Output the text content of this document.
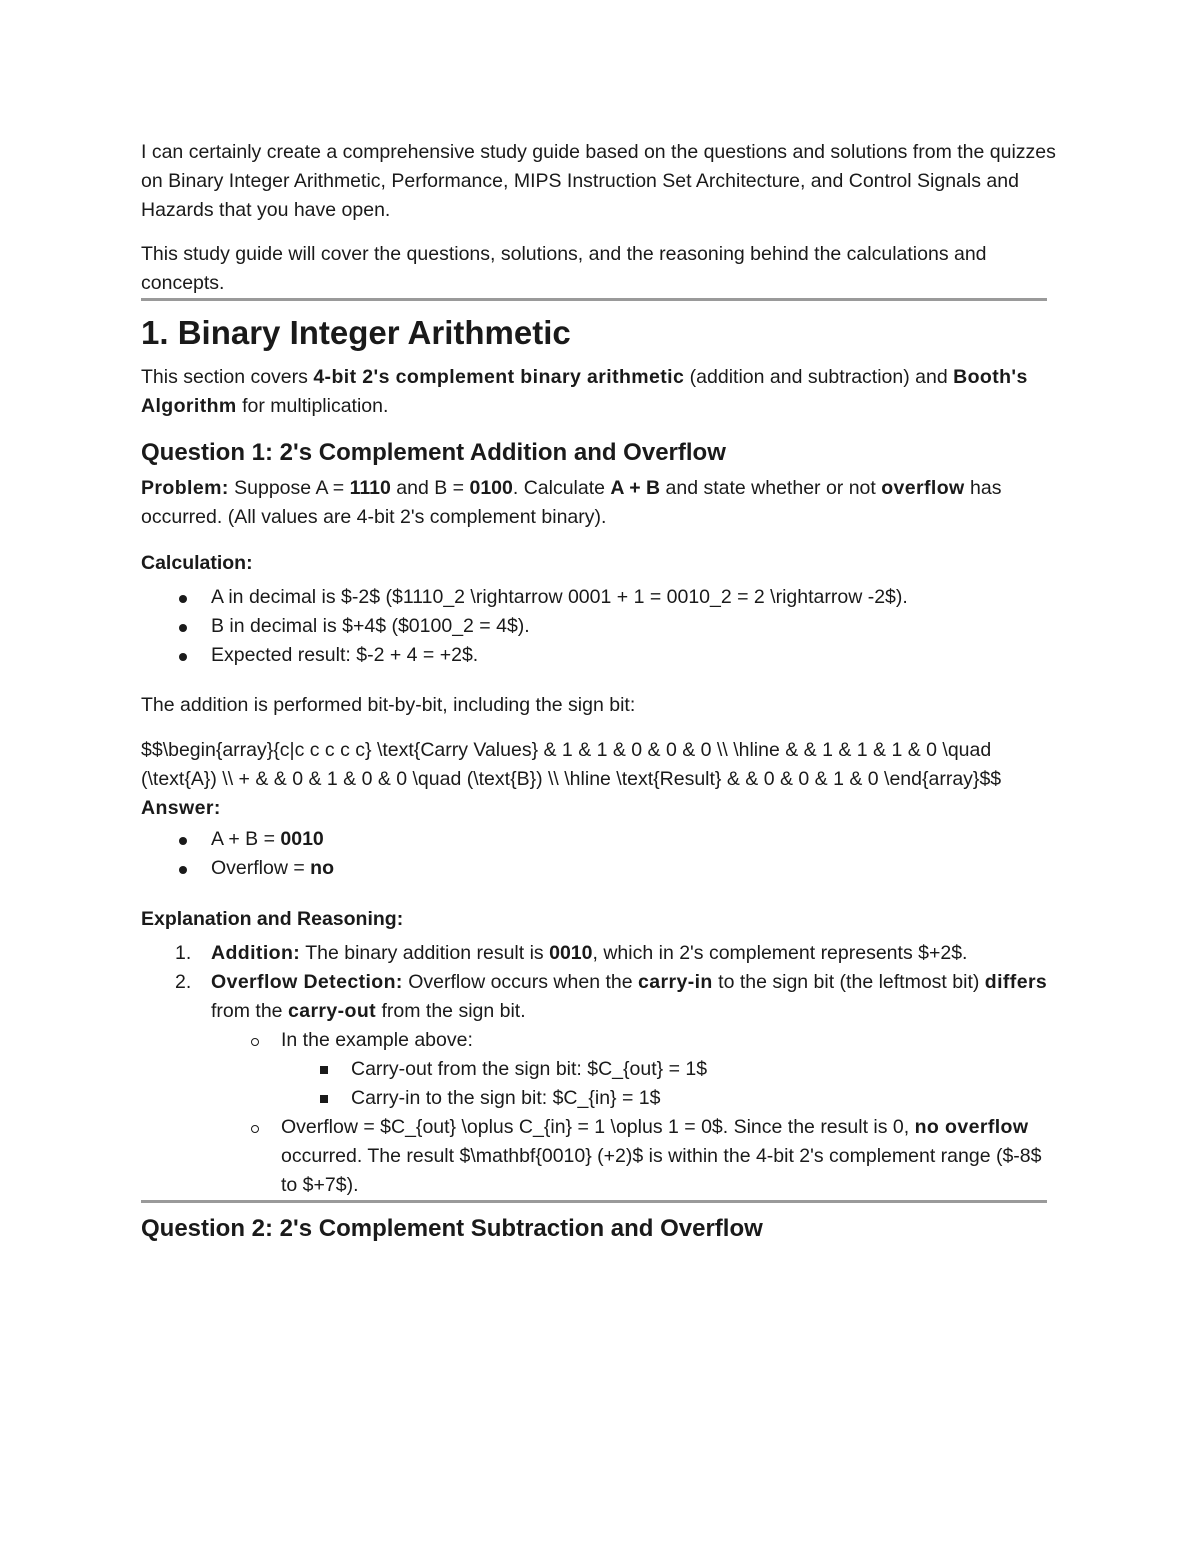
I can certainly create a comprehensive study guide based on the questions and solutions from the quizzes on Binary Integer Arithmetic, Performance, MIPS Instruction Set Architecture, and Control Signals and Hazards that you have open.

This study guide will cover the questions, solutions, and the reasoning behind the calculations and concepts.

1. Binary Integer Arithmetic

This section covers 4-bit 2's complement binary arithmetic (addition and subtraction) and Booth's Algorithm for multiplication.

Question 1: 2's Complement Addition and Overflow

Problem: Suppose A = 1110 and B = 0100. Calculate A + B and state whether or not overflow has occurred. (All values are 4-bit 2's complement binary).

Calculation:

A in decimal is $-2$ ($1110_2 \rightarrow 0001 + 1 = 0010_2 = 2 \rightarrow -2$).
B in decimal is $+4$ ($0100_2 = 4$).
Expected result: $-2 + 4 = +2$.

The addition is performed bit-by-bit, including the sign bit:

$$\begin{array}{c|c c c c c} \text{Carry Values} & 1 & 1 & 0 & 0 & 0 \\ \hline & & 1 & 1 & 1 & 0 \quad (\text{A}) \\ + & & 0 & 1 & 0 & 0 \quad (\text{B}) \\ \hline \text{Result} & & 0 & 0 & 1 & 0 \end{array}$$

Answer:

A + B = 0010
Overflow = no

Explanation and Reasoning:

1. Addition: The binary addition result is 0010, which in 2's complement represents $+2$.
2. Overflow Detection: Overflow occurs when the carry-in to the sign bit (the leftmost bit) differs from the carry-out from the sign bit.
In the example above:
Carry-out from the sign bit: $C_{out} = 1$
Carry-in to the sign bit: $C_{in} = 1$
Overflow = $C_{out} \oplus C_{in} = 1 \oplus 1 = 0$. Since the result is 0, no overflow occurred. The result $\mathbf{0010} (+2)$ is within the 4-bit 2's complement range ($-8$ to $+7$).
Question 2: 2's Complement Subtraction and Overflow
